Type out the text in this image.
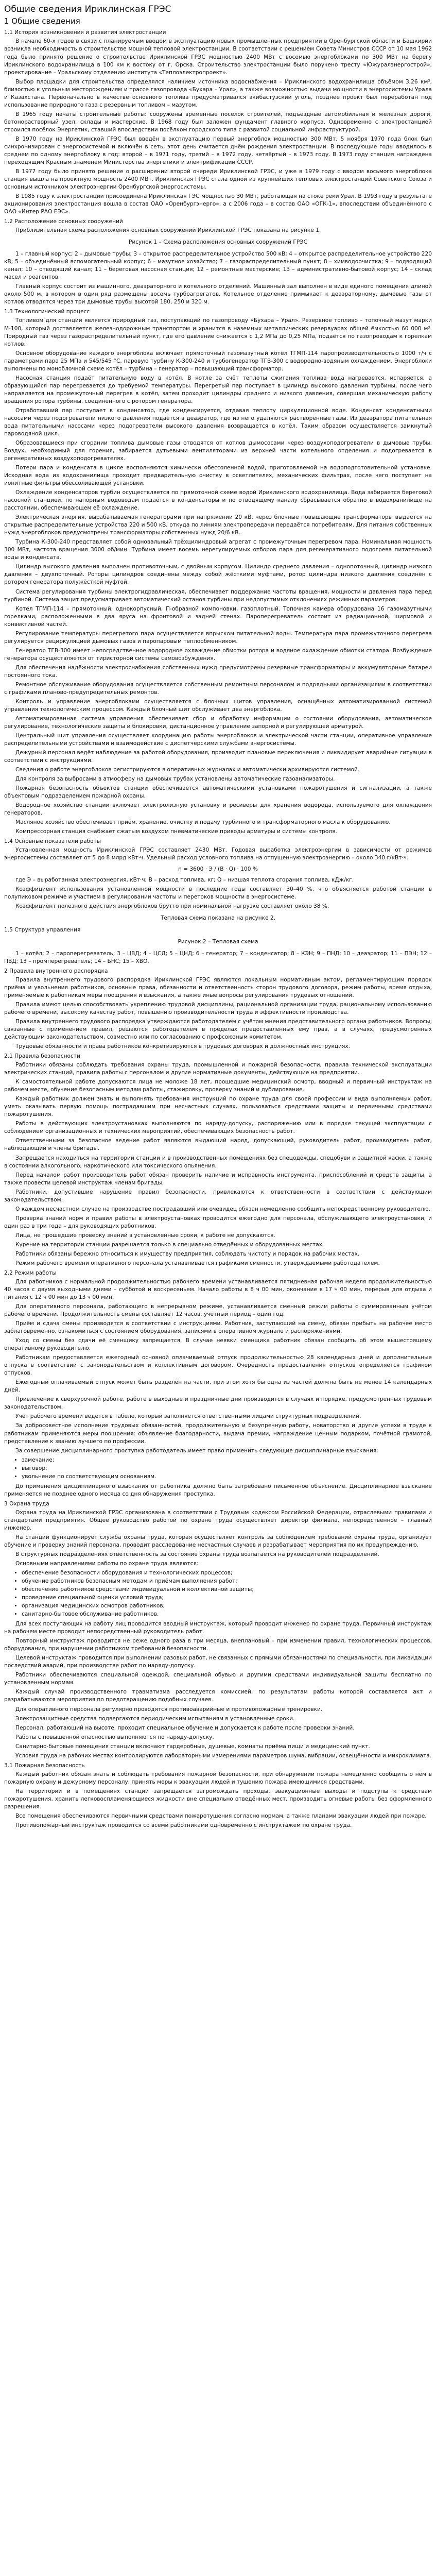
Общие сведения Ириклинская ГРЭС
1 Общие сведения
1.1 История возникновения и развития электростанции

В начале 60-х годов в связи с планируемым вводом в эксплуатацию новых промышленных предприятий в Оренбургской области и Башкирии возникла необходимость в строительстве мощной тепловой электростанции. В соответствии с решением Совета Министров СССР от 10 мая 1962 года было принято решение о строительстве Ириклинской ГРЭС мощностью 2400 МВт с восемью энергоблоками по 300 МВт на берегу Ириклинского водохранилища в 100 км к востоку от г. Орска. Строительство электростанции было поручено тресту «Южуралэнергострой», проектирование – Уральскому отделению института «Теплоэлектропроект».

Выбор площадки для строительства определялся наличием источника водоснабжения – Ириклинского водохранилища объёмом 3,26 км³, близостью к угольным месторождениям и трассе газопровода «Бухара – Урал», а также возможностью выдачи мощности в энергосистемы Урала и Казахстана. Первоначально в качестве основного топлива предусматривался экибастузский уголь, позднее проект был переработан под использование природного газа с резервным топливом – мазутом.

В 1965 году начаты строительные работы: сооружены временные посёлок строителей, подъездные автомобильная и железная дороги, бетонорастворный узел, склады и мастерские. В 1968 году был заложен фундамент главного корпуса. Одновременно с электростанцией строился посёлок Энергетик, ставший впоследствии посёлком городского типа с развитой социальной инфраструктурой.

В 1970 году на Ириклинской ГРЭС был введён в эксплуатацию первый энергоблок мощностью 300 МВт. 5 ноября 1970 года блок был синхронизирован с энергосистемой и включён в сеть, этот день считается днём рождения электростанции. В последующие годы вводилось в среднем по одному энергоблоку в год: второй – в 1971 году, третий – в 1972 году, четвёртый – в 1973 году. В 1973 году станция награждена переходящим Красным знаменем Министерства энергетики и электрификации СССР.

В 1977 году было принято решение о расширении второй очереди Ириклинской ГРЭС, и уже в 1979 году с вводом восьмого энергоблока станция вышла на проектную мощность 2400 МВт. Ириклинская ГРЭС стала одной из крупнейших тепловых электростанций Советского Союза и основным источником электроэнергии Оренбургской энергосистемы.

В 1985 году к электростанции присоединена Ириклинская ГЭС мощностью 30 МВт, работающая на стоке реки Урал. В 1993 году в результате акционирования электростанция вошла в состав ОАО «Оренбургэнерго», а с 2006 года – в состав ОАО «ОГК-1», впоследствии объединённого с ОАО «Интер РАО ЕЭС».

1.2 Расположение основных сооружений

Приблизительная схема расположения основных сооружений Ириклинской ГРЭС показана на рисунке 1.

Рисунок 1 – Схема расположения основных сооружений ГРЭС

1 – главный корпус; 2 – дымовые трубы; 3 – открытое распределительное устройство 500 кВ; 4 – открытое распределительное устройство 220 кВ; 5 – объединённый вспомогательный корпус; 6 – мазутное хозяйство; 7 – газораспределительный пункт; 8 – химводоочистка; 9 – подводящий канал; 10 – отводящий канал; 11 – береговая насосная станция; 12 – ремонтные мастерские; 13 – административно-бытовой корпус; 14 – склад масел и реагентов.

Главный корпус состоит из машинного, деаэраторного и котельного отделений. Машинный зал выполнен в виде единого помещения длиной около 500 м, в котором в один ряд размещены восемь турбоагрегатов. Котельное отделение примыкает к деаэраторному, дымовые газы от котлов отводятся через три дымовые трубы высотой 180, 250 и 320 м.

1.3 Технологический процесс

Топливом для станции является природный газ, поступающий по газопроводу «Бухара – Урал». Резервное топливо – топочный мазут марки М-100, который доставляется железнодорожным транспортом и хранится в наземных металлических резервуарах общей ёмкостью 60 000 м³. Природный газ через газораспределительный пункт, где его давление снижается с 1,2 МПа до 0,25 МПа, подаётся по газопроводам к горелкам котлов.

Основное оборудование каждого энергоблока включает прямоточный газомазутный котёл ТГМП-114 паропроизводительностью 1000 т/ч с параметрами пара 25 МПа и 545/545 °С, паровую турбину К-300-240 и турбогенератор ТГВ-300 с водородно-водяным охлаждением. Энергоблоки выполнены по моноблочной схеме котёл – турбина – генератор – повышающий трансформатор.

Насосная станция подаёт питательную воду в котёл. В котле за счёт теплоты сжигания топлива вода нагревается, испаряется, а образующийся пар перегревается до требуемой температуры. Перегретый пар поступает в цилиндр высокого давления турбины, после чего направляется на промежуточный перегрев в котёл, затем проходит цилиндры среднего и низкого давления, совершая механическую работу вращения ротора турбины, соединённого с ротором генератора.

Отработавший пар поступает в конденсатор, где конденсируется, отдавая теплоту циркуляционной воде. Конденсат конденсатными насосами через подогреватели низкого давления подаётся в деаэратор, где из него удаляются растворённые газы. Из деаэратора питательная вода питательными насосами через подогреватели высокого давления возвращается в котёл. Таким образом осуществляется замкнутый пароводяной цикл.

Образовавшиеся при сгорании топлива дымовые газы отводятся от котлов дымососами через воздухоподогреватели в дымовые трубы. Воздух, необходимый для горения, забирается дутьевыми вентиляторами из верхней части котельного отделения и подогревается в регенеративных воздухоподогревателях.

Потери пара и конденсата в цикле восполняются химически обессоленной водой, приготовляемой на водоподготовительной установке. Исходная вода из водохранилища проходит предварительную очистку в осветлителях, механических фильтрах, после чего поступает на ионитные фильтры обессоливающей установки.

Охлаждение конденсаторов турбин осуществляется по прямоточной схеме водой Ириклинского водохранилища. Вода забирается береговой насосной станцией, по напорным водоводам подаётся в конденсаторы и по отводящему каналу сбрасывается обратно в водохранилище на расстоянии, обеспечивающем её охлаждение.

Электрическая энергия, вырабатываемая генераторами при напряжении 20 кВ, через блочные повышающие трансформаторы выдаётся на открытые распределительные устройства 220 и 500 кВ, откуда по линиям электропередачи передаётся потребителям. Для питания собственных нужд энергоблоков предусмотрены трансформаторы собственных нужд 20/6 кВ.

Турбина К-300-240 представляет собой одновальный трёхцилиндровый агрегат с промежуточным перегревом пара. Номинальная мощность 300 МВт, частота вращения 3000 об/мин. Турбина имеет восемь нерегулируемых отборов пара для регенеративного подогрева питательной воды и конденсата.

Цилиндр высокого давления выполнен противоточным, с двойным корпусом. Цилиндр среднего давления – однопоточный, цилиндр низкого давления – двухпоточный. Роторы цилиндров соединены между собой жёсткими муфтами, ротор цилиндра низкого давления соединён с ротором генератора полужёсткой муфтой.

Система регулирования турбины электрогидравлическая, обеспечивает поддержание частоты вращения, мощности и давления пара перед турбиной. Система защит предусматривает автоматический останов турбины при недопустимых отклонениях режимных параметров.

Котёл ТГМП-114 – прямоточный, однокорпусный, П-образной компоновки, газоплотный. Топочная камера оборудована 16 газомазутными горелками, расположенными в два яруса на фронтовой и задней стенах. Пароперегреватель состоит из радиационной, ширмовой и конвективной частей.

Регулирование температуры перегретого пара осуществляется впрыском питательной воды. Температура пара промежуточного перегрева регулируется рециркуляцией дымовых газов и паропаровым теплообменником.

Генератор ТГВ-300 имеет непосредственное водородное охлаждение обмотки ротора и водяное охлаждение обмотки статора. Возбуждение генератора осуществляется от тиристорной системы самовозбуждения.

Для обеспечения надёжности электроснабжения собственных нужд предусмотрены резервные трансформаторы и аккумуляторные батареи постоянного тока.

Ремонтное обслуживание оборудования осуществляется собственным ремонтным персоналом и подрядными организациями в соответствии с графиками планово-предупредительных ремонтов.

Контроль и управление энергоблоками осуществляется с блочных щитов управления, оснащённых автоматизированной системой управления технологическим процессом. Каждый блочный щит обслуживает два энергоблока.

Автоматизированная система управления обеспечивает сбор и обработку информации о состоянии оборудования, автоматическое регулирование, технологические защиты и блокировки, дистанционное управление запорной и регулирующей арматурой.

Центральный щит управления осуществляет координацию работы энергоблоков и электрической части станции, оперативное управление распределительными устройствами и взаимодействие с диспетчерскими службами энергосистемы.

Дежурный персонал ведёт наблюдение за работой оборудования, производит плановые переключения и ликвидирует аварийные ситуации в соответствии с инструкциями.

Сведения о работе энергоблоков регистрируются в оперативных журналах и автоматически архивируются системой.

Для контроля за выбросами в атмосферу на дымовых трубах установлены автоматические газоанализаторы.

Пожарная безопасность объектов станции обеспечивается автоматическими установками пожаротушения и сигнализации, а также объектовым подразделением пожарной охраны.

Водородное хозяйство станции включает электролизную установку и ресиверы для хранения водорода, используемого для охлаждения генераторов.

Масляное хозяйство обеспечивает приём, хранение, очистку и подачу турбинного и трансформаторного масла к оборудованию.

Компрессорная станция снабжает сжатым воздухом пневматические приводы арматуры и системы контроля.

1.4 Основные показатели работы

Установленная мощность Ириклинской ГРЭС составляет 2430 МВт. Годовая выработка электроэнергии в зависимости от режимов энергосистемы составляет от 5 до 8 млрд кВт·ч. Удельный расход условного топлива на отпущенную электроэнергию – около 340 г/кВт·ч.

η = 3600 · Э / (B · Q) · 100 %

где Э – выработанная электроэнергия, кВт·ч; B – расход топлива, кг; Q – низшая теплота сгорания топлива, кДж/кг.

Коэффициент использования установленной мощности в последние годы составляет 30–40 %, что объясняется работой станции в полупиковом режиме и участием в регулировании частоты и перетоков мощности в энергосистеме.

Коэффициент полезного действия энергоблоков брутто при номинальной нагрузке составляет около 38 %.

Тепловая схема показана на рисунке 2.

1.5 Структура управления

Рисунок 2 – Тепловая схема

1 – котёл; 2 – пароперегреватель; 3 – ЦВД; 4 – ЦСД; 5 – ЦНД; 6 – генератор; 7 – конденсатор; 8 – КЭН; 9 – ПНД; 10 – деаэратор; 11 – ПЭН; 12 – ПВД; 13 – промперегреватель; 14 – БНС; 15 – ХВО.

2 Правила внутреннего распорядка

Правила внутреннего трудового распорядка Ириклинской ГРЭС являются локальным нормативным актом, регламентирующим порядок приёма и увольнения работников, основные права, обязанности и ответственность сторон трудового договора, режим работы, время отдыха, применяемые к работникам меры поощрения и взыскания, а также иные вопросы регулирования трудовых отношений.

Правила имеют целью способствовать укреплению трудовой дисциплины, рациональной организации труда, рациональному использованию рабочего времени, высокому качеству работ, повышению производительности труда и эффективности производства.

Правила внутреннего трудового распорядка утверждаются работодателем с учётом мнения представительного органа работников. Вопросы, связанные с применением правил, решаются работодателем в пределах предоставленных ему прав, а в случаях, предусмотренных действующим законодательством, совместно или по согласованию с профсоюзным комитетом.

Трудовые обязанности и права работников конкретизируются в трудовых договорах и должностных инструкциях.

2.1 Правила безопасности

Работники обязаны соблюдать требования охраны труда, промышленной и пожарной безопасности, правила технической эксплуатации электрических станций, правила работы с персоналом и другие нормативные документы, действующие на предприятии.

К самостоятельной работе допускаются лица не моложе 18 лет, прошедшие медицинский осмотр, вводный и первичный инструктаж на рабочем месте, обучение безопасным методам работы, стажировку, проверку знаний и дублирование.

Каждый работник должен знать и выполнять требования инструкций по охране труда для своей профессии и вида выполняемых работ, уметь оказывать первую помощь пострадавшим при несчастных случаях, пользоваться средствами защиты и первичными средствами пожаротушения.

Работы в действующих электроустановках выполняются по наряду-допуску, распоряжению или в порядке текущей эксплуатации с соблюдением организационных и технических мероприятий, обеспечивающих безопасность работ.

Ответственными за безопасное ведение работ являются выдающий наряд, допускающий, руководитель работ, производитель работ, наблюдающий и члены бригады.

Запрещается находиться на территории станции и в производственных помещениях без спецодежды, спецобуви и защитной каски, а также в состоянии алкогольного, наркотического или токсического опьянения.

Перед началом работ производитель работ обязан проверить наличие и исправность инструмента, приспособлений и средств защиты, а также провести целевой инструктаж членам бригады.

Работники, допустившие нарушение правил безопасности, привлекаются к ответственности в соответствии с действующим законодательством.

О каждом несчастном случае на производстве пострадавший или очевидец обязан немедленно сообщить непосредственному руководителю.

Проверка знаний норм и правил работы в электроустановках проводится ежегодно для персонала, обслуживающего электроустановки, и один раз в три года – для руководящих работников.

Лица, не прошедшие проверку знаний в установленные сроки, к работе не допускаются.

Курение на территории станции разрешается только в специально отведённых и оборудованных местах.

Работники обязаны бережно относиться к имуществу предприятия, соблюдать чистоту и порядок на рабочих местах.

Режим рабочего времени оперативного персонала устанавливается графиками сменности, утверждаемыми работодателем.

2.2 Режим работы

Для работников с нормальной продолжительностью рабочего времени устанавливается пятидневная рабочая неделя продолжительностью 40 часов с двумя выходными днями – субботой и воскресеньем. Начало работы в 8 ч 00 мин, окончание в 17 ч 00 мин, перерыв для отдыха и питания с 12 ч 00 мин до 13 ч 00 мин.

Для оперативного персонала, работающего в непрерывном режиме, устанавливается сменный режим работы с суммированным учётом рабочего времени. Продолжительность смены составляет 12 часов, учётный период – один год.

Приём и сдача смены производятся в соответствии с инструкциями. Работник, заступающий на смену, обязан прибыть на рабочее место заблаговременно, ознакомиться с состоянием оборудования, записями в оперативном журнале и распоряжениями.

Уход со смены без сдачи её сменщику запрещается. В случае неявки сменщика работник обязан сообщить об этом вышестоящему оперативному руководителю.

Работникам предоставляется ежегодный основной оплачиваемый отпуск продолжительностью 28 календарных дней и дополнительные отпуска в соответствии с законодательством и коллективным договором. Очерёдность предоставления отпусков определяется графиком отпусков.

Ежегодный оплачиваемый отпуск может быть разделён на части, при этом хотя бы одна из частей должна быть не менее 14 календарных дней.

Привлечение к сверхурочной работе, работе в выходные и праздничные дни производится в случаях и порядке, предусмотренных трудовым законодательством.

Учёт рабочего времени ведётся в табеле, который заполняется ответственными лицами структурных подразделений.

За добросовестное исполнение трудовых обязанностей, продолжительную и безупречную работу, новаторство и другие успехи в труде к работникам применяются меры поощрения: объявление благодарности, выдача премии, награждение ценным подарком, почётной грамотой, представление к званию лучшего по профессии.

За совершение дисциплинарного проступка работодатель имеет право применить следующие дисциплинарные взыскания:

• замечание;
• выговор;
• увольнение по соответствующим основаниям.

До применения дисциплинарного взыскания от работника должно быть затребовано письменное объяснение. Дисциплинарное взыскание применяется не позднее одного месяца со дня обнаружения проступка.

3 Охрана труда

Охрана труда на Ириклинской ГРЭС организована в соответствии с Трудовым кодексом Российской Федерации, отраслевыми правилами и стандартами предприятия. Общее руководство работой по охране труда осуществляет директор филиала, непосредственное – главный инженер.

На станции функционирует служба охраны труда, которая осуществляет контроль за соблюдением требований охраны труда, организует обучение и проверку знаний персонала, проводит расследование несчастных случаев и разрабатывает мероприятия по их предупреждению.

В структурных подразделениях ответственность за состояние охраны труда возлагается на руководителей подразделений.

Основными направлениями работы по охране труда являются:

• обеспечение безопасности оборудования и технологических процессов;
• обучение работников безопасным методам и приёмам выполнения работ;
• обеспечение работников средствами индивидуальной и коллективной защиты;
• проведение специальной оценки условий труда;
• организация медицинских осмотров работников;
• санитарно-бытовое обслуживание работников.

Для всех поступающих на работу лиц проводится вводный инструктаж, который проводит инженер по охране труда. Первичный инструктаж на рабочем месте проводит непосредственный руководитель работ.

Повторный инструктаж проводится не реже одного раза в три месяца, внеплановый – при изменении правил, технологических процессов, оборудования, при нарушении работником требований безопасности.

Целевой инструктаж проводится при выполнении разовых работ, не связанных с прямыми обязанностями по специальности, при ликвидации последствий аварий, при производстве работ по наряду-допуску.

Работники обеспечиваются специальной одеждой, специальной обувью и другими средствами индивидуальной защиты бесплатно по установленным нормам.

Каждый случай производственного травматизма расследуется комиссией, по результатам работы которой составляется акт и разрабатываются мероприятия по предотвращению подобных случаев.

Для оперативного персонала регулярно проводятся противоаварийные и противопожарные тренировки.

Электрозащитные средства подвергаются периодическим испытаниям в установленные сроки.

Персонал, работающий на высоте, проходит специальное обучение и допускается к работе после проверки знаний.

Работы с повышенной опасностью выполняются по наряду-допуску.

Санитарно-бытовые помещения станции включают гардеробные, душевые, комнаты приёма пищи и медицинский пункт.

Условия труда на рабочих местах контролируются лабораторными измерениями параметров шума, вибрации, освещённости и микроклимата.

3.1 Пожарная безопасность

Каждый работник обязан знать и соблюдать требования пожарной безопасности, при обнаружении пожара немедленно сообщить о нём в пожарную охрану и дежурному персоналу, принять меры к эвакуации людей и тушению пожара имеющимися средствами.

На территории и в помещениях станции запрещается загромождать проходы, эвакуационные выходы и подступы к средствам пожаротушения, хранить легковоспламеняющиеся жидкости вне специально отведённых мест, производить огневые работы без оформленного разрешения.

Все помещения обеспечиваются первичными средствами пожаротушения согласно нормам, а также планами эвакуации людей при пожаре.

Противопожарный инструктаж проводится со всеми работниками одновременно с инструктажем по охране труда.
